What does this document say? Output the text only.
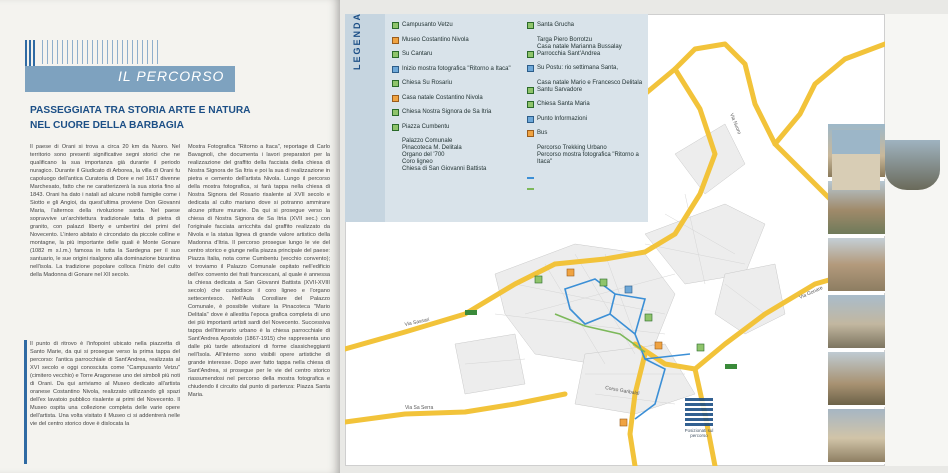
IL PERCORSO
PASSEGGIATA TRA STORIA ARTE E NATURA
NEL CUORE DELLA BARBAGIA
Il paese di Orani si trova a circa 20 km da Nuoro. Nel territorio sono presenti significative segni storici che ne qualificano la sua importanza già durante il periodo nuragico. Durante il Giudicato di Arborea, la villa di Orani fu capoluogo dell'antica Curatoria di Dore e nel 1617 divenne Marchesato, fatto che ne caratterizzerà la sua storia fino al 1843. Orani ha dato i natali ad alcune nobili famiglie come i Siotto e gli Angioi, da quest'ultima proviene Don Giovanni Maria, l'alternos della rivoluzione sarda. Nel paese sopravvive un'architettura tradizionale fatta di pietra di granito, con palazzi liberty e umbertini dei primi del Novecento. L'intero abitato è circondato da piccole colline e montagne, la più importante delle quali è Monte Gonare (1082 m s.l.m.) famosa in tutta la Sardegna per il suo santuario, le sue origini risalgono alla dominazione bizantina nell'isola. La tradizione popolare colloca l'inizio del culto della Madonna di Gonare nel XII secolo.
Il punto di ritrovo è l'infopoint ubicato nella piazzetta di Santo Marie, da qui si prosegue verso la prima tappa del percorso: l'antica parrocchiale di Sant'Andrea, realizzata al XVI secolo e oggi conosciuta come "Campusanto Vetzu" (cimitero vecchio) e Torre Aragonese uno dei simboli più noti di Orani. Da qui arriviamo al Museo dedicato all'artista oranese Costantino Nivola, realizzato utilizzando gli spazi dell'ex lavatoio pubblico risalente ai primi del Novecento. Il Museo ospita una collezione completa delle varie opere dell'artista. Una volta visitato il Museo ci si addentrerà nelle vie del centro storico dove è dislocata la
Mostra Fotografica "Ritorno a Itaca", reportage di Carlo Bavagnoli, che documenta i lavori preparatori per la realizzazione del graffito della facciata della chiesa di Nostra Signora de Sa Itria e poi la sua di realizzazione in pietra e cemento dell'artista Nivola. Lungo il percorso della mostra fotografica, si farà tappa nella chiesa di Nostra Signora del Rosario risalente al XVII secolo e dedicata al culto mariano dove si potranno ammirare alcune pitture murarie. Da qui si prosegue verso la chiesa di Nostra Signora de Sa Itria (XVII sec.) con l'originale facciata arricchita dal graffito realizzato da Nivola e la statua lignea di grande valore artistico della Madonna d'Itria. Il percorso prosegue lungo le vie del centro storico e giunge nella piazza principale del paese: Piazza Italia, nota come Cumbentu (vecchio convento); vi troviamo il Palazzo Comunale ospitato nell'edificio dell'ex convento dei frati francescani, al quale è annessa la chiesa dedicata a San Giovanni Battista (XVII-XVIII secolo) che custodisce il coro ligneo e l'organo settecentesco. Nell'Aula Consiliare del Palazzo Comunale, è possibile visitare la Pinacoteca "Mario Delitala" dove è allestita l'epoca grafica completa di uno dei più importanti artisti sardi del Novecento. Successiva tappa dell'itinerario urbano è la chiesa parrocchiale di Sant'Andrea Apostolo (1867-1915) che rappresenta uno dalle più tarde attestazioni di forme classicheggianti nell'Isola. All'interno sono visibili opere artistiche di grande interesse. Dopo aver fatto tappa nella chiesa di Sant'Andrea, si prosegue per le vie del centro storico riassumendosi nel percorso della mostra fotografica e chiudendo il circuito dal punto di partenza: Piazza Santa Maria.
Via Sassari
Via Sa Serra
Via Nuoro
Via Gonare
Corso Garibaldi
LEGENDA	Campusanto Vetzu
Museo Costantino Nivola
Su Cantaru
Inizio mostra fotografica "Ritorno a Itaca"
Chiesa Su Rosariu
Casa natale Costantino Nivola
Chiesa Nostra Signora de Sa Itria
Piazza Cumbentu
Palazzo Comunale
Pinacoteca M. Delitala
Organo del '700
Coro ligneo
Chiesa di San Giovanni Battista
Santa Grucha
Targa Piero Borrotzu
Casa natale Marianna Bussalay
Parrocchia Sant'Andrea
Su Postu: rio settimana Santa,
Casa natale Mario e Francesco Delitala
Santu Sarvadore
Chiesa Santa Maria
Punto Informazioni
Bus
Percorso Trekking Urbano
Percorso mostra fotografica "Ritorno a Itaca"
Posizionati sul percorso
